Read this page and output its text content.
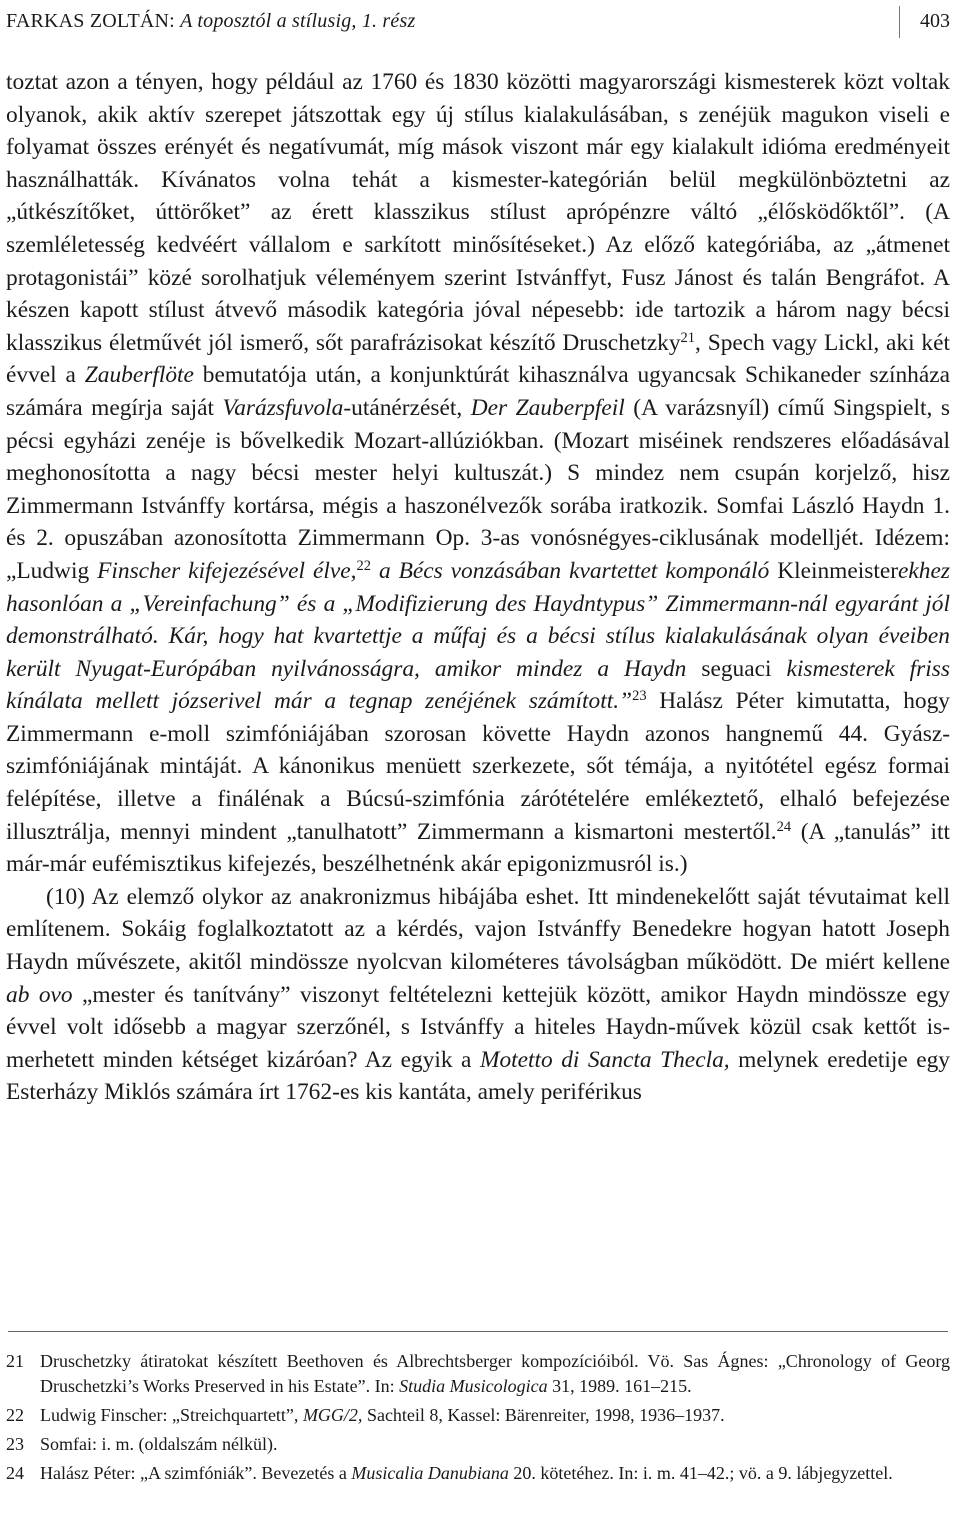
FARKAS ZOLTÁN: A toposztól a stílusig, 1. rész	403

toztat azon a tényen, hogy például az 1760 és 1830 közötti magyarországi kismesterek közt voltak olyanok, akik aktív szerepet játszottak egy új stílus kialakulásában, s zenéjük magukon viseli e folyamat összes erényét és negatívumát, míg mások viszont már egy kialakult idióma eredményeit használhatták. Kívánatos volna tehát a kismester-kategórián belül megkülönböztetni az „útkészítőket, úttörőket” az érett klasszikus stílust aprópénzre váltó „élősködőktől”. (A szemléletesség kedvéért vállalom e sarkított minősítéseket.) Az előző kategóriába, az „átmenet protagonistái” közé sorolhatjuk véleményem szerint Istvánffyt, Fusz Jánost és talán Bengráfot. A készen kapott stílust átvevő második kategória jóval népesebb: ide tartozik a három nagy bécsi klasszikus életművét jól ismerő, sőt parafrázisokat készítő Druschetzky$^{21}$, Spech vagy Lickl, aki két évvel a Zauberflöte bemutatója után, a konjunktúrát kihasználva ugyancsak Schikaneder színháza számára megírja saját Varázsfuvola-utánérzését, Der Zauberpfeil (A varázsnyíl) című Singspielt, s pécsi egyházi zenéje is bővelkedik Mozart-allúziókban. (Mozart miséinek rendszeres előadásával meghonosította a nagy bécsi mester helyi kultuszát.) S mindez nem csupán korjelző, hisz Zimmermann Istvánffy kortársa, mégis a haszonélvezők sorába iratkozik. Somfai László Haydn 1. és 2. opuszában azonosította Zimmermann Op. 3-as vonósnégyes-ciklusának modelljét. Idézem: „Ludwig Finscher kifejezésével élve,$^{22}$ a Bécs vonzásában kvartettet komponáló Kleinmeisterekhez hasonlóan a „Vereinfachung” és a „Modifizierung des Haydntypus” Zimmermann-nál egyaránt jól demonstrálható. Kár, hogy hat kvartettje a műfaj és a bécsi stílus kialakulásának olyan éveiben került Nyugat-Európában nyilvánosságra, amikor mindez a Haydn seguaci kismesterek friss kínálata mellett józserivel már a tegnap zenéjének számított.”$^{23}$ Halász Péter kimutatta, hogy Zimmermann e-moll szimfóniájában szorosan követte Haydn azonos hangnemű 44. Gyász-szimfóniájának mintáját. A kánonikus menüett szerkezete, sőt témája, a nyitótétel egész formai felépítése, illetve a finálénak a Búcsú-szimfónia zárótételére emlékeztető, elhaló befejezése illusztrálja, mennyi mindent „tanulhatott” Zimmermann a kismartoni mestertől.$^{24}$ (A „tanulás” itt már-már eufémisztikus kifejezés, beszélhetnénk akár epigonizmusról is.)

(10) Az elemző olykor az anakronizmus hibájába eshet. Itt mindenekelőtt saját tévutaimat kell említenem. Sokáig foglalkoztatott az a kérdés, vajon Istvánffy Benedekre hogyan hatott Joseph Haydn művészete, akitől mindössze nyolcvan kilométeres távolságban működött. De miért kellene ab ovo „mester és tanítvány” viszonyt feltételezni kettejük között, amikor Haydn mindössze egy évvel volt idősebb a magyar szerzőnél, s Istvánffy a hiteles Haydn-művek közül csak kettőt ismerhetett minden kétséget kizáróan? Az egyik a Motetto di Sancta Thecla, melynek eredetije egy Esterházy Miklós számára írt 1762-es kis kantáta, amely periférikus

21 Druschetzky átiratokat készített Beethoven és Albrechtsberger kompozícióiból. Vö. Sas Ágnes: „Chronology of Georg Druschetzki’s Works Preserved in his Estate”. In: Studia Musicologica 31, 1989. 161–215.
22 Ludwig Finscher: „Streichquartett”, MGG/2, Sachteil 8, Kassel: Bärenreiter, 1998, 1936–1937.
23 Somfai: i. m. (oldalszám nélkül).
24 Halász Péter: „A szimfóniák”. Bevezetés a Musicalia Danubiana 20. kötetéhez. In: i. m. 41–42.; vö. a 9. lábjegyzettel.
